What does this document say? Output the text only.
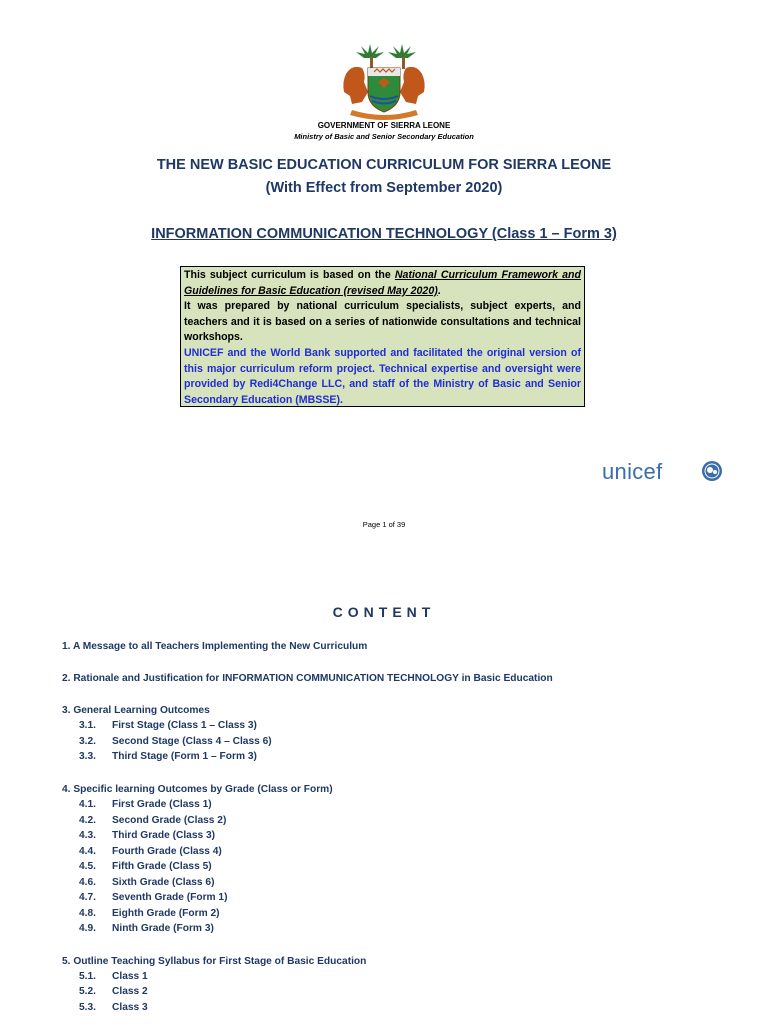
GOVERNMENT OF SIERRA LEONE
Ministry of Basic and Senior Secondary Education
THE NEW BASIC EDUCATION CURRICULUM FOR SIERRA LEONE
(With Effect from September 2020)
INFORMATION COMMUNICATION TECHNOLOGY (Class 1 – Form 3)

This subject curriculum is based on the National Curriculum Framework and Guidelines for Basic Education (revised May 2020).

It was prepared by national curriculum specialists, subject experts, and teachers and it is based on a series of nationwide consultations and technical workshops.

UNICEF and the World Bank supported and facilitated the original version of this major curriculum reform project. Technical expertise and oversight were provided by Redi4Change LLC, and staff of the Ministry of Basic and Senior Secondary Education (MBSSE).

unicef
Page 1 of 39
CONTENT
1. A Message to all Teachers Implementing the New Curriculum
2. Rationale and Justification for INFORMATION COMMUNICATION TECHNOLOGY in Basic Education
3. General Learning Outcomes
3.1. First Stage (Class 1 – Class 3)
3.2. Second Stage (Class 4 – Class 6)
3.3. Third Stage (Form 1 – Form 3)
4. Specific learning Outcomes by Grade (Class or Form)
4.1. First Grade (Class 1)
4.2. Second Grade (Class 2)
4.3. Third Grade (Class 3)
4.4. Fourth Grade (Class 4)
4.5. Fifth Grade (Class 5)
4.6. Sixth Grade (Class 6)
4.7. Seventh Grade (Form 1)
4.8. Eighth Grade (Form 2)
4.9. Ninth Grade (Form 3)
5. Outline Teaching Syllabus for First Stage of Basic Education
5.1. Class 1
5.2. Class 2
5.3. Class 3
